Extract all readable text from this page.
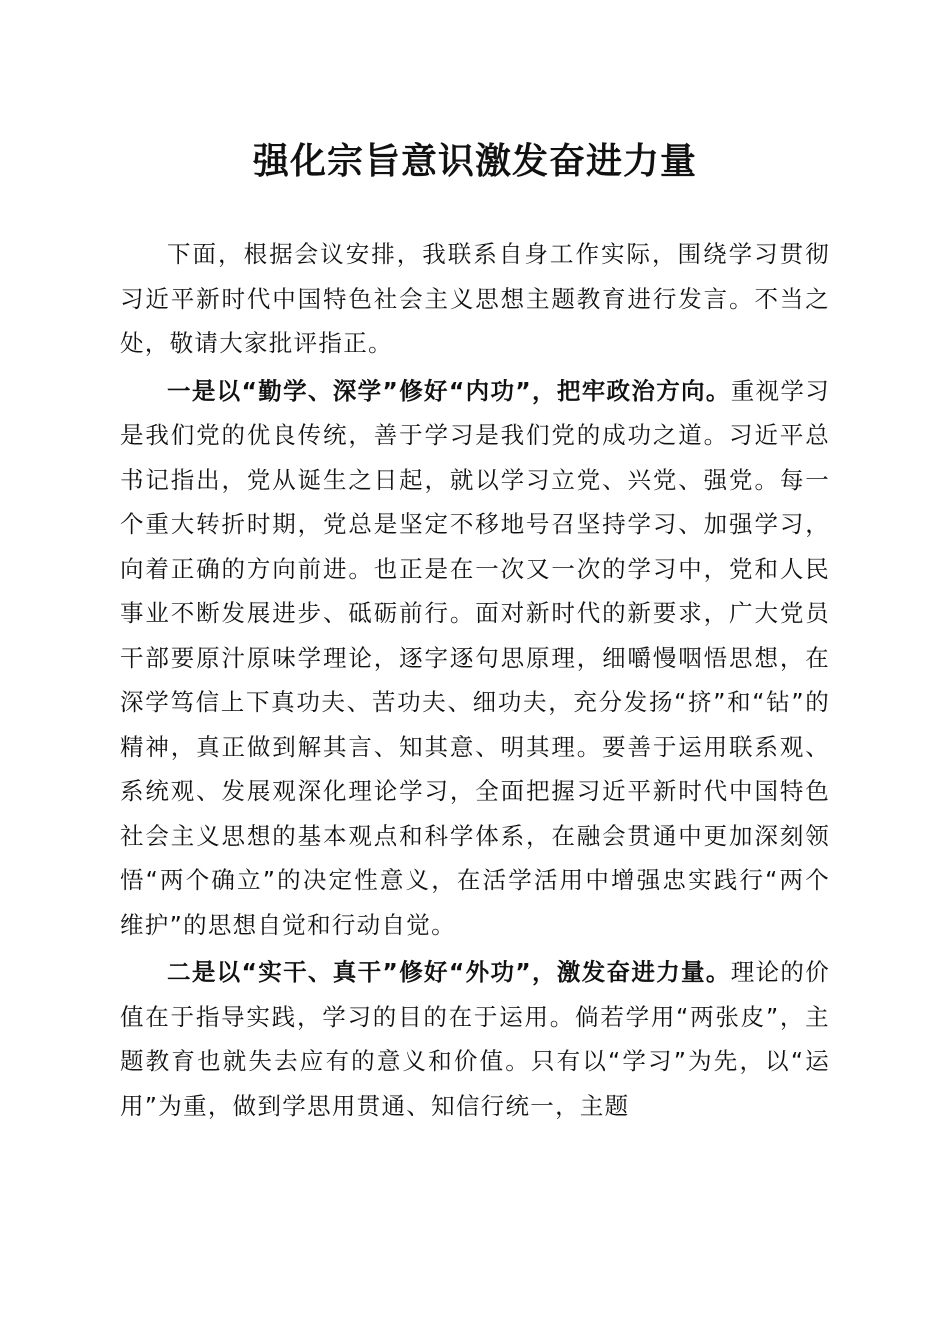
强化宗旨意识激发奋进力量

下面，根据会议安排，我联系自身工作实际，围绕学习贯彻习近平新时代中国特色社会主义思想主题教育进行发言。不当之处，敬请大家批评指正。

一是以“勤学、深学”修好“内功”，把牢政治方向。重视学习是我们党的优良传统，善于学习是我们党的成功之道。习近平总书记指出，党从诞生之日起，就以学习立党、兴党、强党。每一个重大转折时期，党总是坚定不移地号召坚持学习、加强学习，向着正确的方向前进。也正是在一次又一次的学习中，党和人民事业不断发展进步、砥砺前行。面对新时代的新要求，广大党员干部要原汁原味学理论，逐字逐句思原理，细嚼慢咽悟思想，在深学笃信上下真功夫、苦功夫、细功夫，充分发扬“挤”和“钻”的精神，真正做到解其言、知其意、明其理。要善于运用联系观、系统观、发展观深化理论学习，全面把握习近平新时代中国特色社会主义思想的基本观点和科学体系，在融会贯通中更加深刻领悟“两个确立”的决定性意义，在活学活用中增强忠实践行“两个维护”的思想自觉和行动自觉。

二是以“实干、真干”修好“外功”，激发奋进力量。理论的价值在于指导实践，学习的目的在于运用。倘若学用“两张皮”，主题教育也就失去应有的意义和价值。只有以“学习”为先，以“运用”为重，做到学思用贯通、知信行统一，主题
